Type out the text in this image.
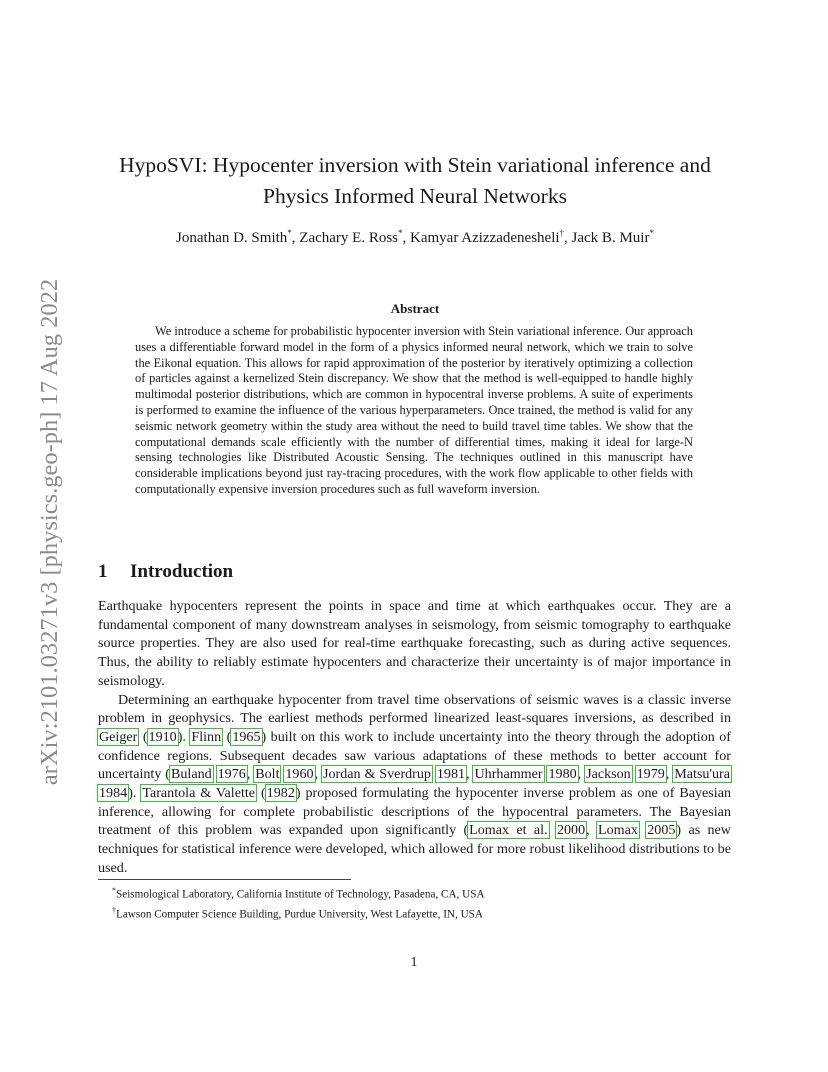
arXiv:2101.03271v3 [physics.geo-ph] 17 Aug 2022
HypoSVI: Hypocenter inversion with Stein variational inference and Physics Informed Neural Networks
Jonathan D. Smith*, Zachary E. Ross*, Kamyar Azizzadenesheli†, Jack B. Muir*
Abstract
We introduce a scheme for probabilistic hypocenter inversion with Stein variational inference. Our approach uses a differentiable forward model in the form of a physics informed neural network, which we train to solve the Eikonal equation. This allows for rapid approximation of the posterior by iteratively optimizing a collection of particles against a kernelized Stein discrepancy. We show that the method is well-equipped to handle highly multimodal posterior distributions, which are common in hypocentral inverse problems. A suite of experiments is performed to examine the influence of the various hyperparameters. Once trained, the method is valid for any seismic network geometry within the study area without the need to build travel time tables. We show that the computational demands scale efficiently with the number of differential times, making it ideal for large-N sensing technologies like Distributed Acoustic Sensing. The techniques outlined in this manuscript have considerable implications beyond just ray-tracing procedures, with the work flow applicable to other fields with computationally expensive inversion procedures such as full waveform inversion.
1 Introduction

Earthquake hypocenters represent the points in space and time at which earthquakes occur. They are a fundamental component of many downstream analyses in seismology, from seismic tomography to earthquake source properties. They are also used for real-time earthquake forecasting, such as during active sequences. Thus, the ability to reliably estimate hypocenters and characterize their uncertainty is of major importance in seismology.

Determining an earthquake hypocenter from travel time observations of seismic waves is a classic inverse problem in geophysics. The earliest methods performed linearized least-squares inversions, as described in Geiger (1910). Flinn (1965) built on this work to include uncertainty into the theory through the adoption of confidence regions. Subsequent decades saw various adaptations of these methods to better account for uncertainty (Buland 1976, Bolt 1960, Jordan & Sverdrup 1981, Uhrhammer 1980, Jackson 1979, Matsu'ura 1984). Tarantola & Valette (1982) proposed formulating the hypocenter inverse problem as one of Bayesian inference, allowing for complete probabilistic descriptions of the hypocentral parameters. The Bayesian treatment of this problem was expanded upon significantly (Lomax et al. 2000, Lomax 2005) as new techniques for statistical inference were developed, which allowed for more robust likelihood distributions to be used.

*Seismological Laboratory, California Institute of Technology, Pasadena, CA, USA
†Lawson Computer Science Building, Purdue University, West Lafayette, IN, USA
1
